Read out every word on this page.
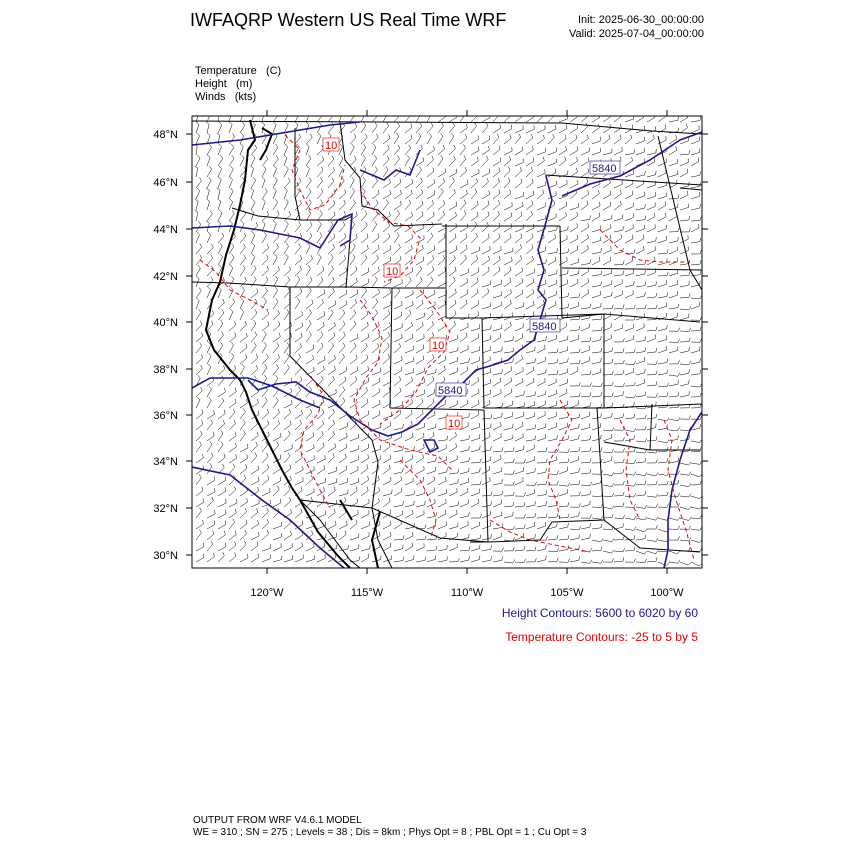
IWFAQRP Western US Real Time WRF	Init: 2025-06-30_00:00:00
Valid: 2025-07-04_00:00:00
Temperature (C)
Height (m)
Winds (kts)
5840
5840
5840
10
10
10
10
48°N
46°N
44°N
42°N
40°N
38°N
36°N
34°N
32°N
30°N
120°W	115°W	110°W	105°W	100°W
Height Contours: 5600 to 6020 by 60
Temperature Contours: -25 to 5 by 5
OUTPUT FROM WRF V4.6.1 MODEL
WE = 310 ; SN = 275 ; Levels = 38 ; Dis = 8km ; Phys Opt = 8 ; PBL Opt = 1 ; Cu Opt = 3
